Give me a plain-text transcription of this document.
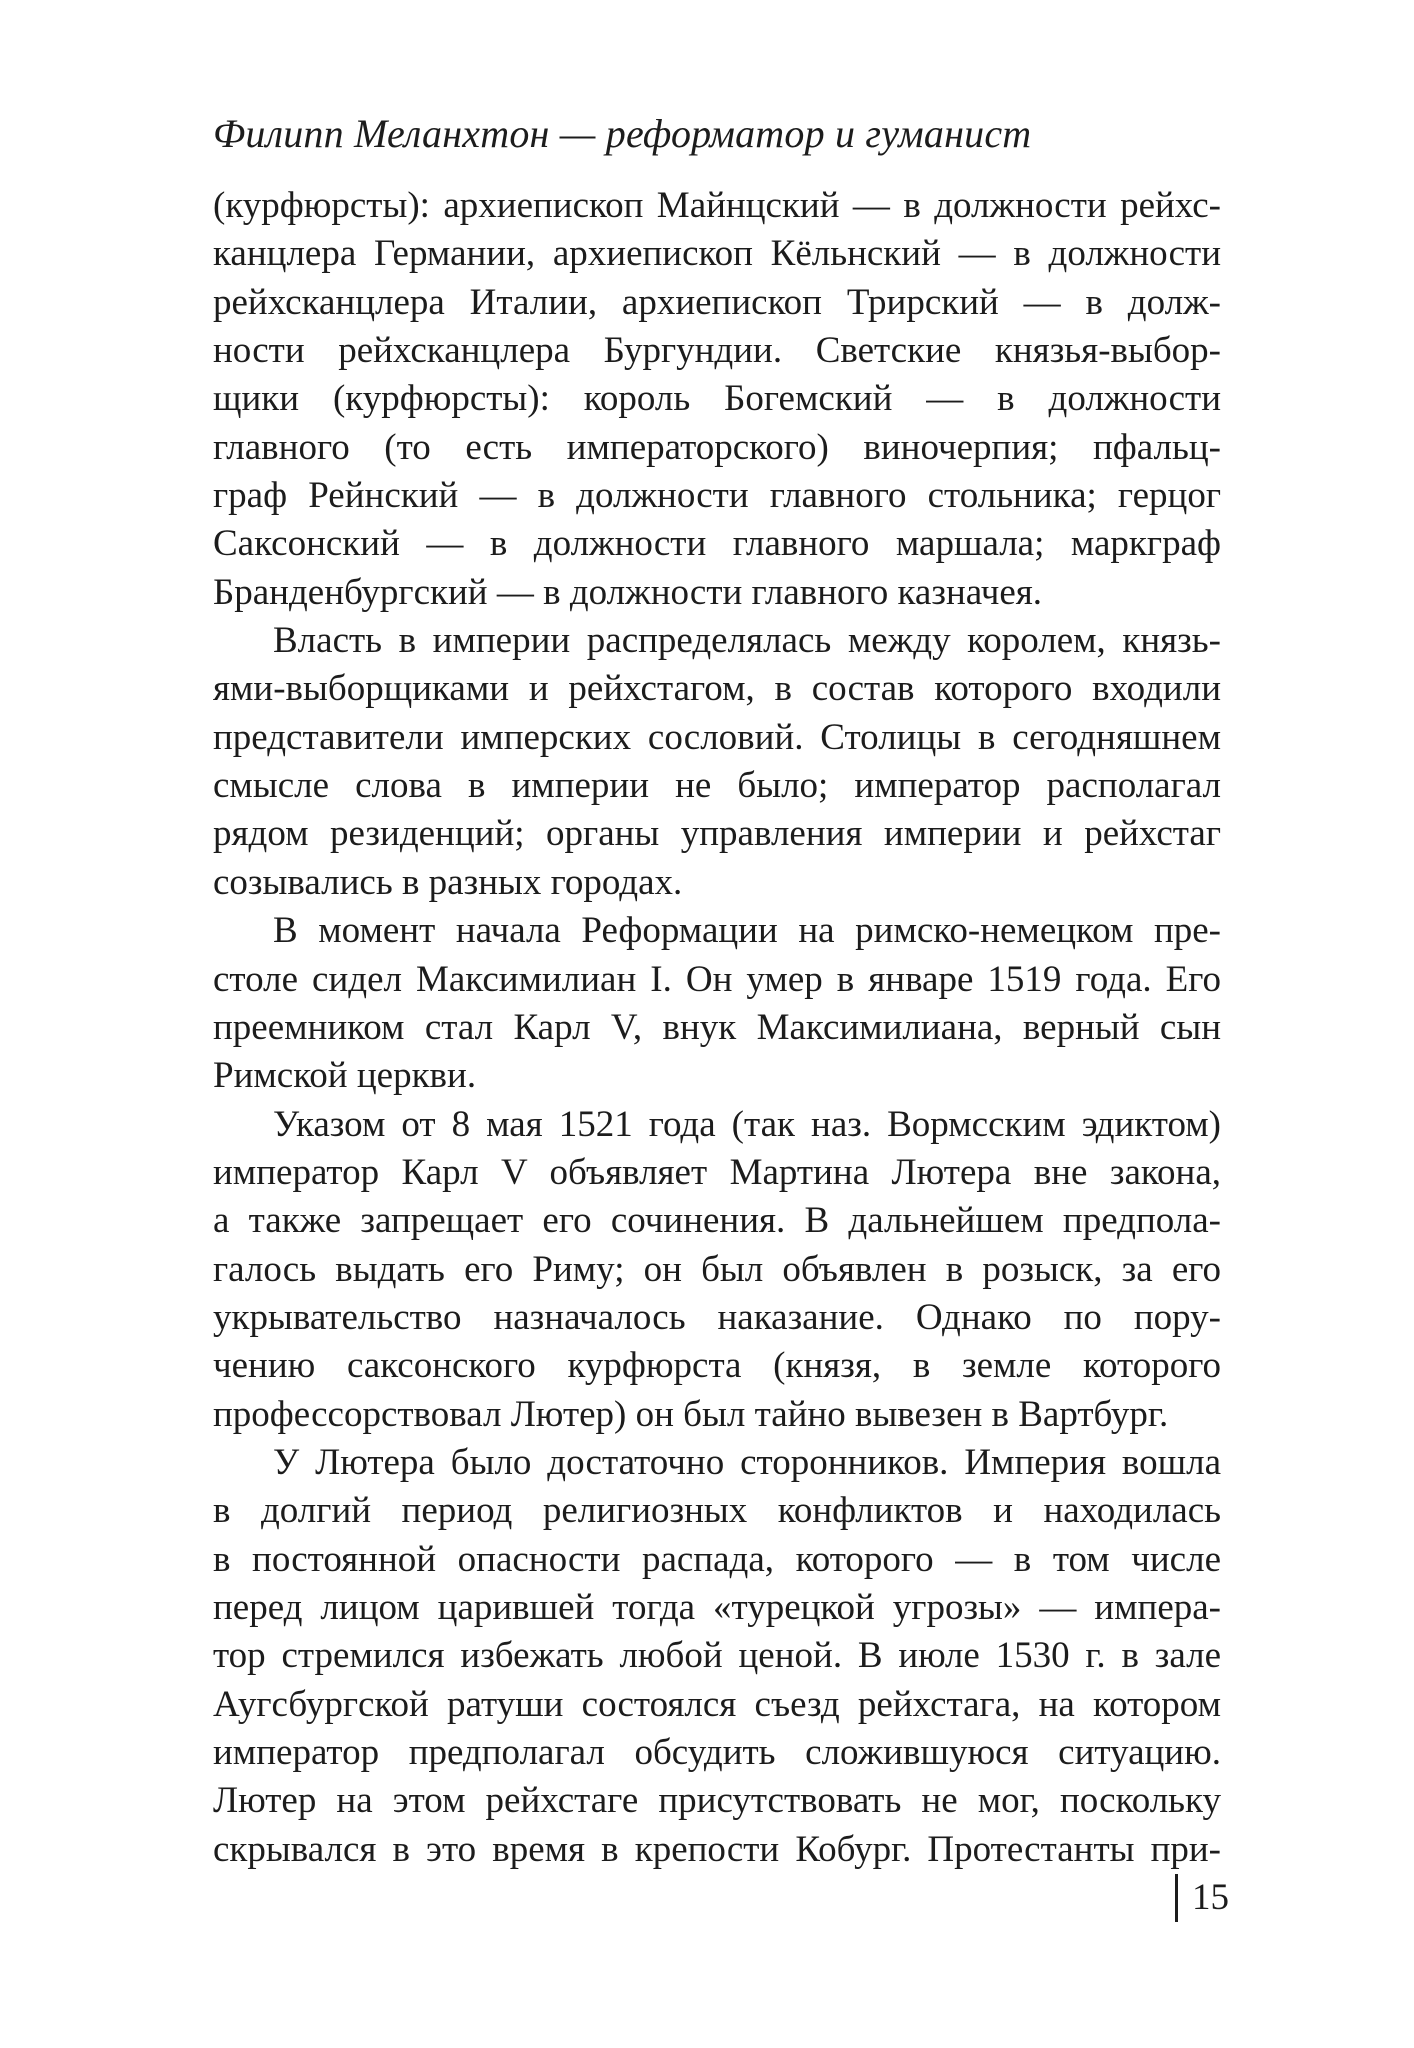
Филипп Меланхтон — реформатор и гуманист
(курфюрсты): архиепископ Майнцский — в должности рейхс-
канцлера Германии, архиепископ Кёльнский — в должности
рейхсканцлера Италии, архиепископ Трирский — в долж-
ности рейхсканцлера Бургундии. Светские князья-выбор-
щики (курфюрсты): король Богемский — в должности
главного (то есть императорского) виночерпия; пфальц-
граф Рейнский — в должности главного стольника; герцог
Саксонский — в должности главного маршала; маркграф
Бранденбургский — в должности главного казначея.
Власть в империи распределялась между королем, князь-
ями-выборщиками и рейхстагом, в состав которого входили
представители имперских сословий. Столицы в сегодняшнем
смысле слова в империи не было; император располагал
рядом резиденций; органы управления империи и рейхстаг
созывались в разных городах.
В момент начала Реформации на римско-немецком пре-
столе сидел Максимилиан I. Он умер в январе 1519 года. Его
преемником стал Карл V, внук Максимилиана, верный сын
Римской церкви.
Указом от 8 мая 1521 года (так наз. Вормсским эдиктом)
император Карл V объявляет Мартина Лютера вне закона,
а также запрещает его сочинения. В дальнейшем предпола-
галось выдать его Риму; он был объявлен в розыск, за его
укрывательство назначалось наказание. Однако по пору-
чению саксонского курфюрста (князя, в земле которого
профессорствовал Лютер) он был тайно вывезен в Вартбург.
У Лютера было достаточно сторонников. Империя вошла
в долгий период религиозных конфликтов и находилась
в постоянной опасности распада, которого — в том числе
перед лицом царившей тогда «турецкой угрозы» — импера-
тор стремился избежать любой ценой. В июле 1530 г. в зале
Аугсбургской ратуши состоялся съезд рейхстага, на котором
император предполагал обсудить сложившуюся ситуацию.
Лютер на этом рейхстаге присутствовать не мог, поскольку
скрывался в это время в крепости Кобург. Протестанты при-
15
